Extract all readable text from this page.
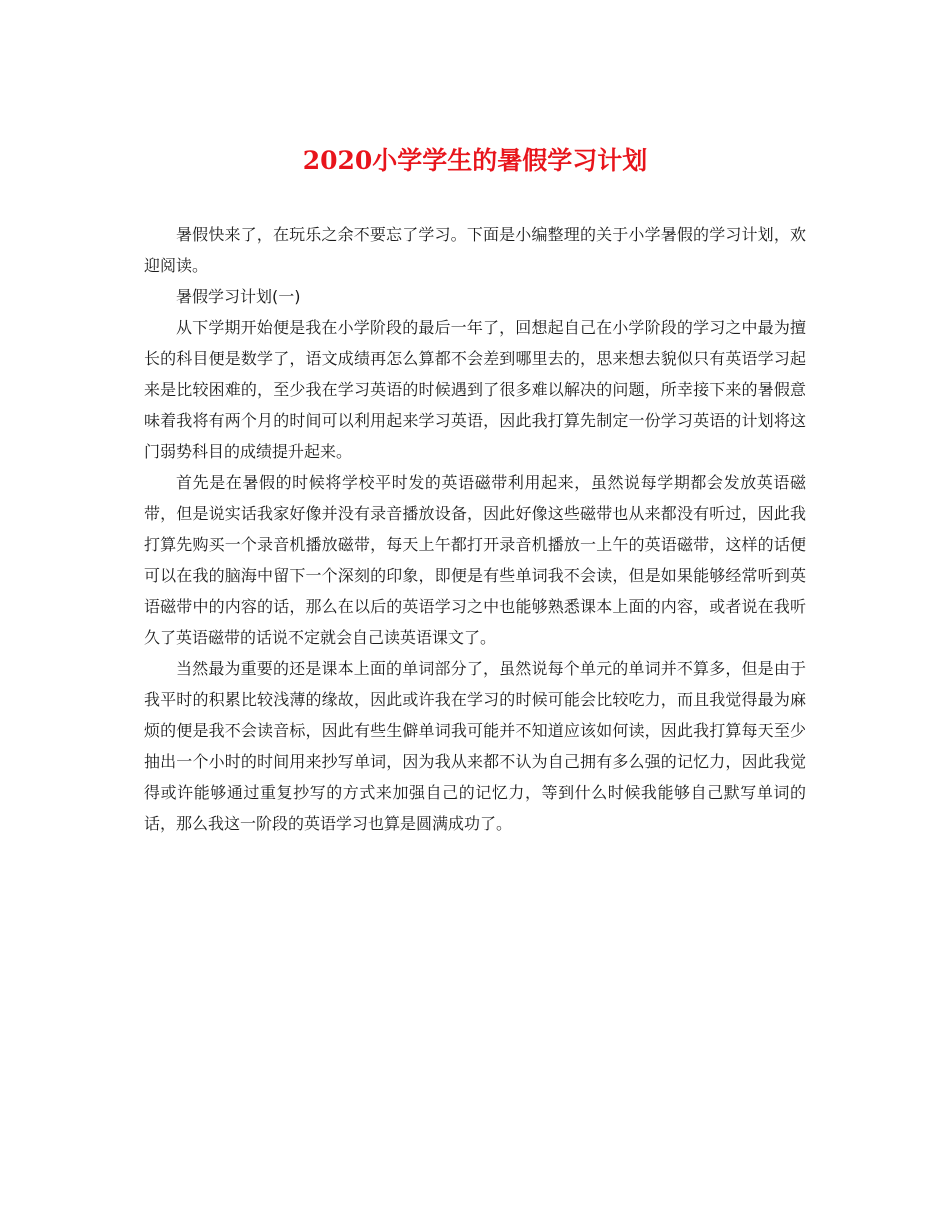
2020小学学生的暑假学习计划

暑假快来了，在玩乐之余不要忘了学习。下面是小编整理的关于小学暑假的学习计划，欢迎阅读。

暑假学习计划(一)

从下学期开始便是我在小学阶段的最后一年了，回想起自己在小学阶段的学习之中最为擅长的科目便是数学了，语文成绩再怎么算都不会差到哪里去的，思来想去貌似只有英语学习起来是比较困难的，至少我在学习英语的时候遇到了很多难以解决的问题，所幸接下来的暑假意味着我将有两个月的时间可以利用起来学习英语，因此我打算先制定一份学习英语的计划将这门弱势科目的成绩提升起来。

首先是在暑假的时候将学校平时发的英语磁带利用起来，虽然说每学期都会发放英语磁带，但是说实话我家好像并没有录音播放设备，因此好像这些磁带也从来都没有听过，因此我打算先购买一个录音机播放磁带，每天上午都打开录音机播放一上午的英语磁带，这样的话便可以在我的脑海中留下一个深刻的印象，即便是有些单词我不会读，但是如果能够经常听到英语磁带中的内容的话，那么在以后的英语学习之中也能够熟悉课本上面的内容，或者说在我听久了英语磁带的话说不定就会自己读英语课文了。

当然最为重要的还是课本上面的单词部分了，虽然说每个单元的单词并不算多，但是由于我平时的积累比较浅薄的缘故，因此或许我在学习的时候可能会比较吃力，而且我觉得最为麻烦的便是我不会读音标，因此有些生僻单词我可能并不知道应该如何读，因此我打算每天至少抽出一个小时的时间用来抄写单词，因为我从来都不认为自己拥有多么强的记忆力，因此我觉得或许能够通过重复抄写的方式来加强自己的记忆力，等到什么时候我能够自己默写单词的话，那么我这一阶段的英语学习也算是圆满成功了。
